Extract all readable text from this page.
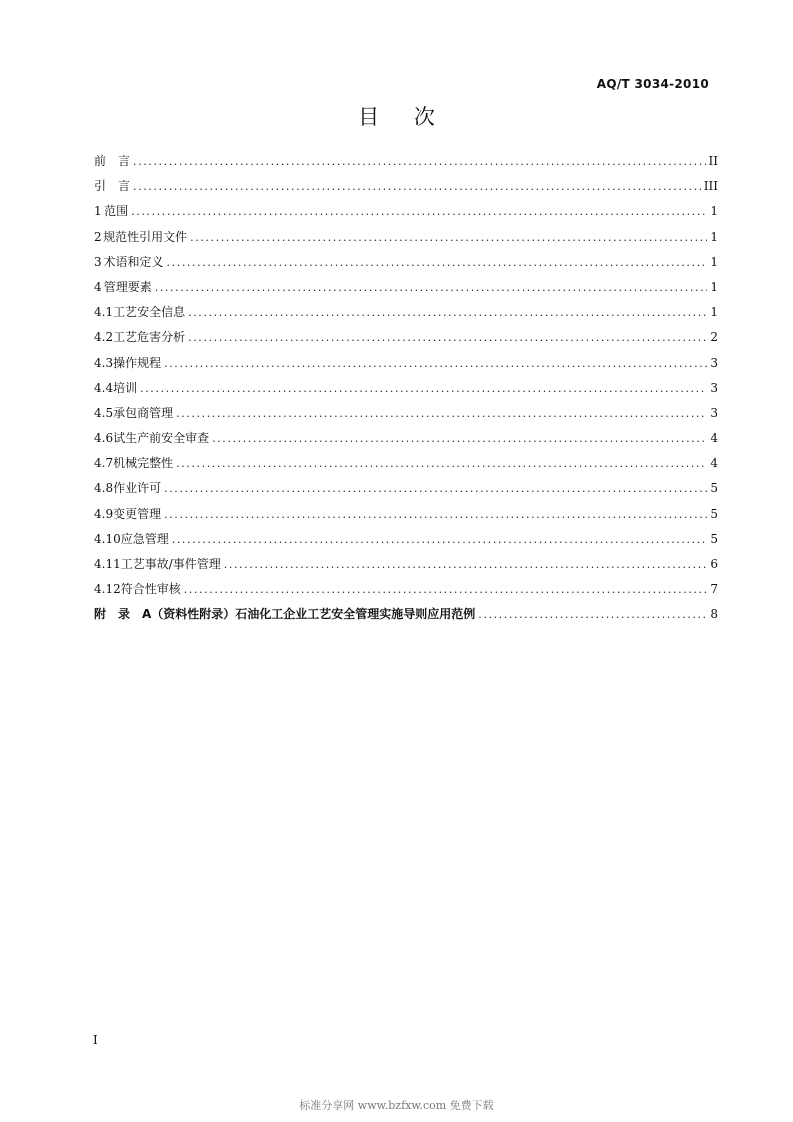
AQ/T 3034-2010
目 次
前　言 .....	II
引　言 .....	III
1 范围 .....	1
2 规范性引用文件 .....	1
3 术语和定义 .....	1
4 管理要素 .....	1
4.1 工艺安全信息 .....	1
4.2 工艺危害分析 .....	2
4.3 操作规程 .....	3
4.4 培训 .....	3
4.5 承包商管理 .....	3
4.6 试生产前安全审查 .....	4
4.7 机械完整性 .....	4
4.8 作业许可 .....	5
4.9 变更管理 .....	5
4.10 应急管理 .....	5
4.11 工艺事故/事件管理 .....	6
4.12 符合性审核 .....	7
附　录　A（资料性附录）石油化工企业工艺安全管理实施导则应用范例 .....	8
I
标准分享网 www.bzfxw.com 免费下载
